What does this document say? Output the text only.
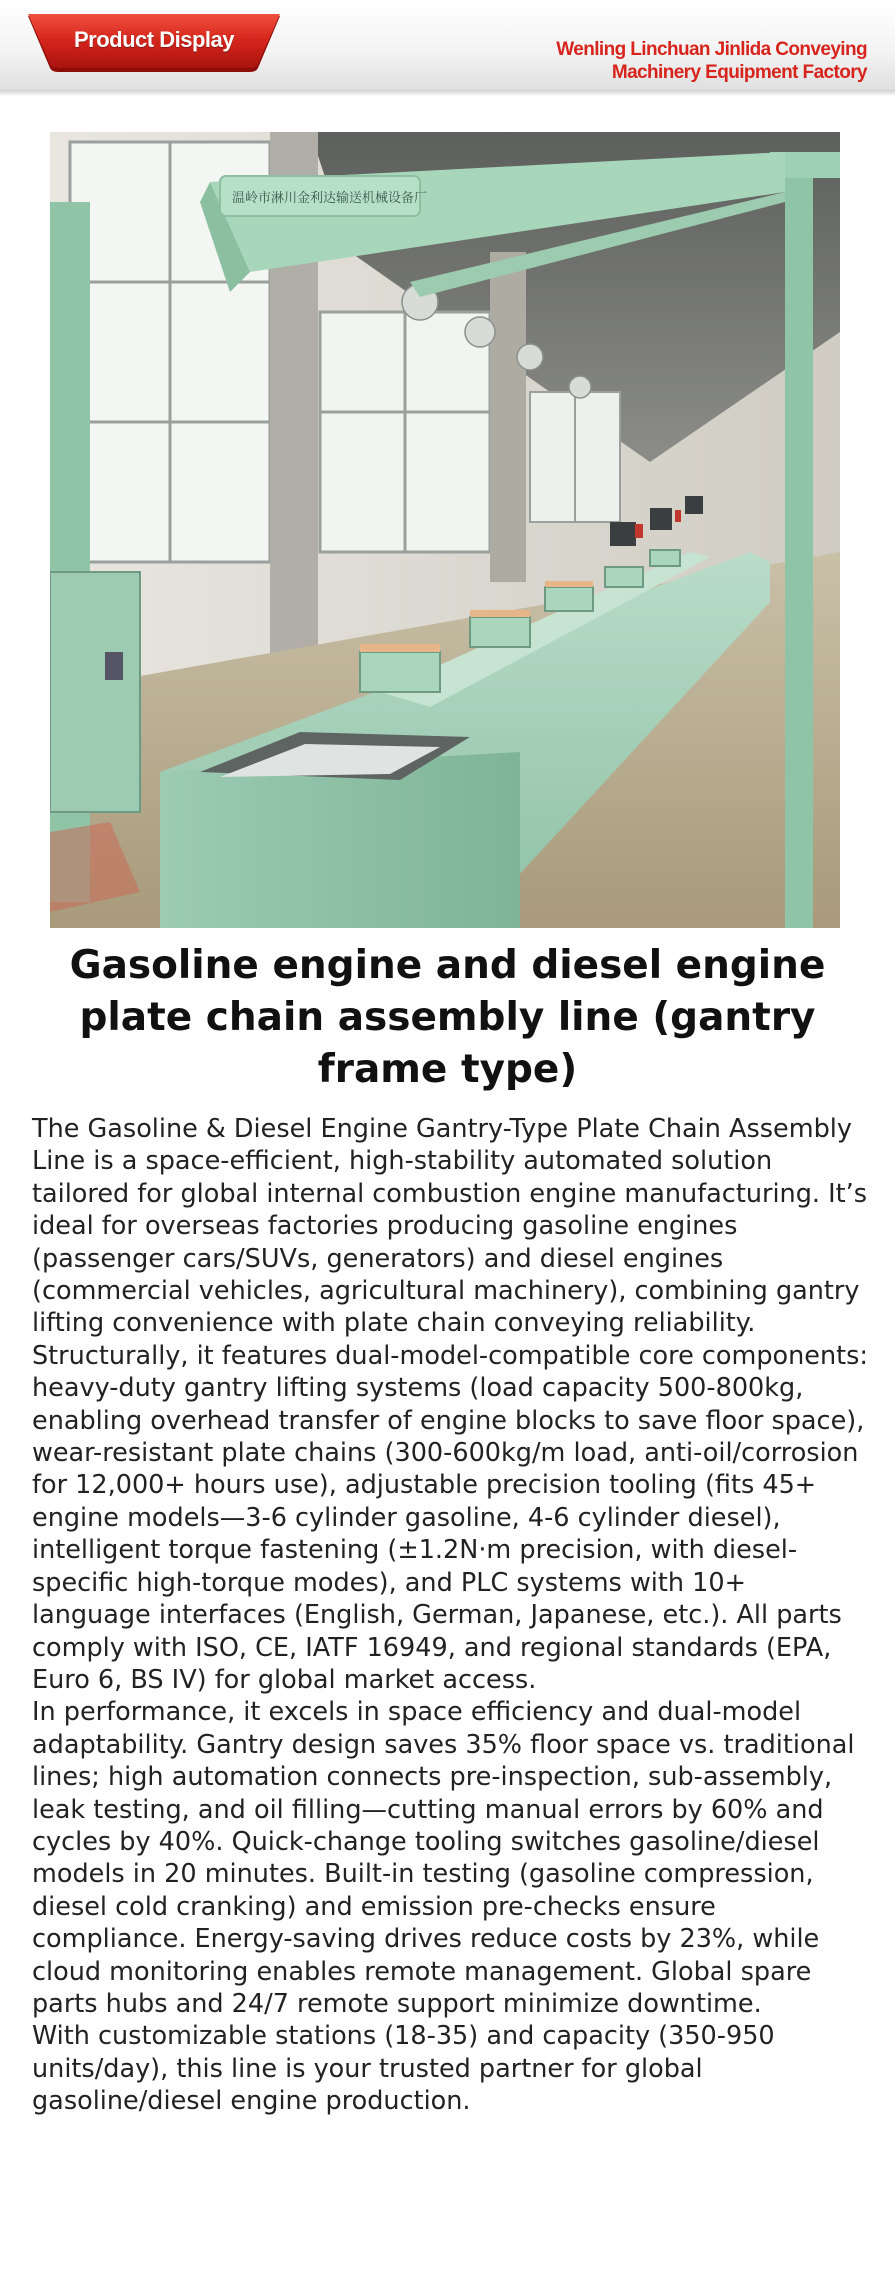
Product Display	Wenling Linchuan Jinlida Conveying
Machinery Equipment Factory
温岭市淋川金利达输送机械设备厂
Gasoline engine and diesel engine plate chain assembly line (gantry frame type)

The Gasoline & Diesel Engine Gantry-Type Plate Chain Assembly Line is a space-efficient, high-stability automated solution tailored for global internal combustion engine manufacturing. It’s ideal for overseas factories producing gasoline engines (passenger cars/SUVs, generators) and diesel engines (commercial vehicles, agricultural machinery), combining gantry lifting convenience with plate chain conveying reliability.

Structurally, it features dual-model-compatible core components: heavy-duty gantry lifting systems (load capacity 500-800kg, enabling overhead transfer of engine blocks to save floor space), wear-resistant plate chains (300-600kg/m load, anti-oil/corrosion for 12,000+ hours use), adjustable precision tooling (fits 45+ engine models—3-6 cylinder gasoline, 4-6 cylinder diesel), intelligent torque fastening (±1.2N·m precision, with diesel-specific high-torque modes), and PLC systems with 10+ language interfaces (English, German, Japanese, etc.). All parts comply with ISO, CE, IATF 16949, and regional standards (EPA, Euro 6, BS IV) for global market access.

In performance, it excels in space efficiency and dual-model adaptability. Gantry design saves 35% floor space vs. traditional lines; high automation connects pre-inspection, sub-assembly, leak testing, and oil filling—cutting manual errors by 60% and cycles by 40%. Quick-change tooling switches gasoline/diesel models in 20 minutes. Built-in testing (gasoline compression, diesel cold cranking) and emission pre-checks ensure compliance. Energy-saving drives reduce costs by 23%, while cloud monitoring enables remote management. Global spare parts hubs and 24/7 remote support minimize downtime.

With customizable stations (18-35) and capacity (350-950 units/day), this line is your trusted partner for global gasoline/diesel engine production.
